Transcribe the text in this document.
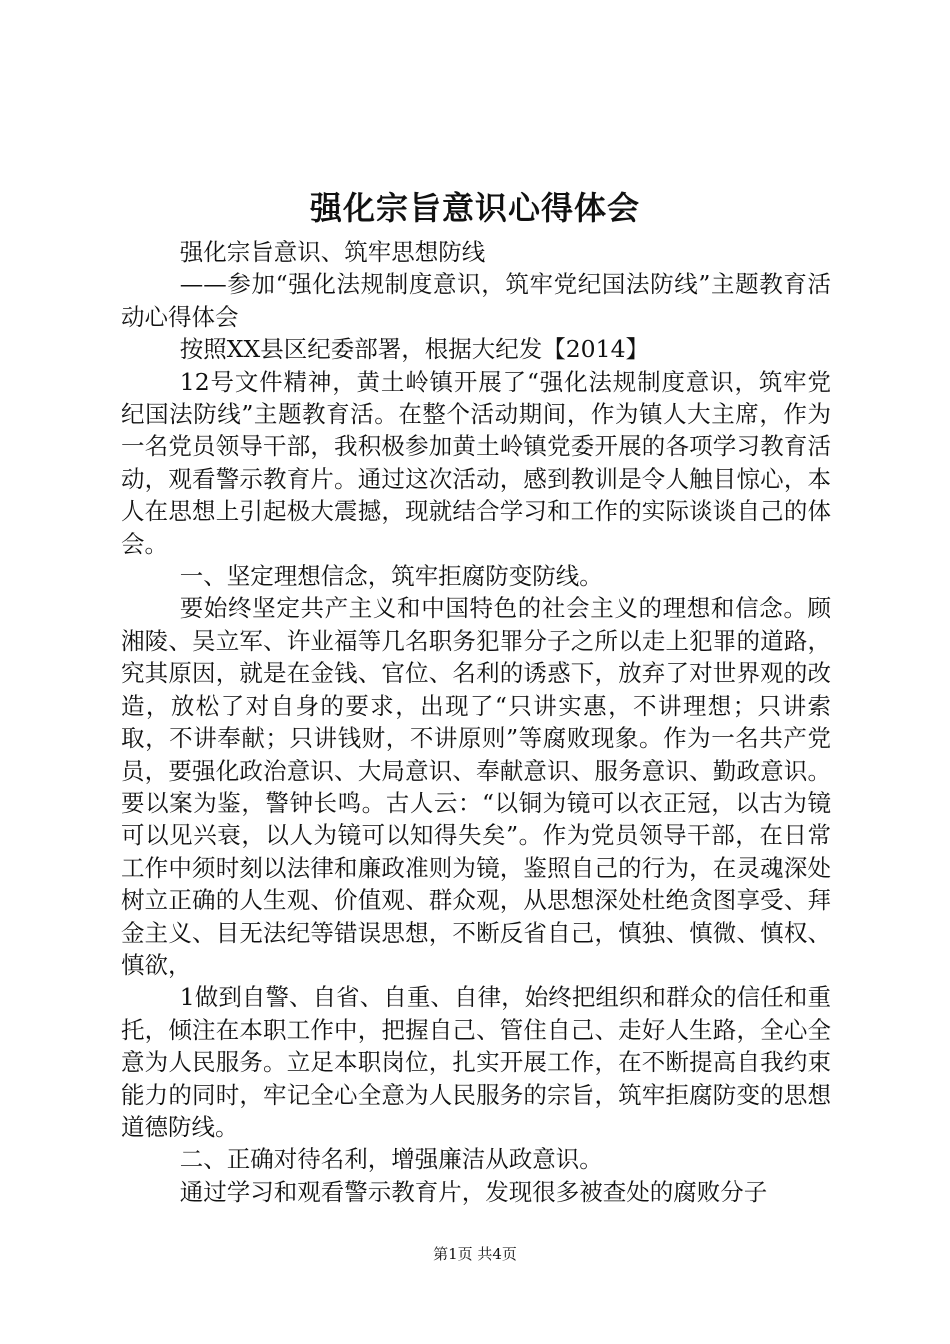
强化宗旨意识心得体会

强化宗旨意识、筑牢思想防线

——参加“强化法规制度意识，筑牢党纪国法防线”主题教育活动心得体会

按照XX县区纪委部署，根据大纪发【2014】

12号文件精神，黄土岭镇开展了“强化法规制度意识，筑牢党纪国法防线”主题教育活。在整个活动期间，作为镇人大主席，作为一名党员领导干部，我积极参加黄土岭镇党委开展的各项学习教育活动，观看警示教育片。通过这次活动，感到教训是令人触目惊心，本人在思想上引起极大震撼，现就结合学习和工作的实际谈谈自己的体会。

一、坚定理想信念，筑牢拒腐防变防线。

要始终坚定共产主义和中国特色的社会主义的理想和信念。顾湘陵、吴立军、许业福等几名职务犯罪分子之所以走上犯罪的道路，究其原因，就是在金钱、官位、名利的诱惑下，放弃了对世界观的改造，放松了对自身的要求，出现了“只讲实惠，不讲理想；只讲索取，不讲奉献；只讲钱财，不讲原则”等腐败现象。作为一名共产党员，要强化政治意识、大局意识、奉献意识、服务意识、勤政意识。要以案为鉴，警钟长鸣。古人云：“以铜为镜可以衣正冠，以古为镜可以见兴衰，以人为镜可以知得失矣”。作为党员领导干部，在日常工作中须时刻以法律和廉政准则为镜，鉴照自己的行为，在灵魂深处树立正确的人生观、价值观、群众观，从思想深处杜绝贪图享受、拜金主义、目无法纪等错误思想，不断反省自己，慎独、慎微、慎权、慎欲，

1做到自警、自省、自重、自律，始终把组织和群众的信任和重托，倾注在本职工作中，把握自己、管住自己、走好人生路，全心全意为人民服务。立足本职岗位，扎实开展工作，在不断提高自我约束能力的同时，牢记全心全意为人民服务的宗旨，筑牢拒腐防变的思想道德防线。

二、正确对待名利，增强廉洁从政意识。

通过学习和观看警示教育片，发现很多被查处的腐败分子

第1页 共4页
